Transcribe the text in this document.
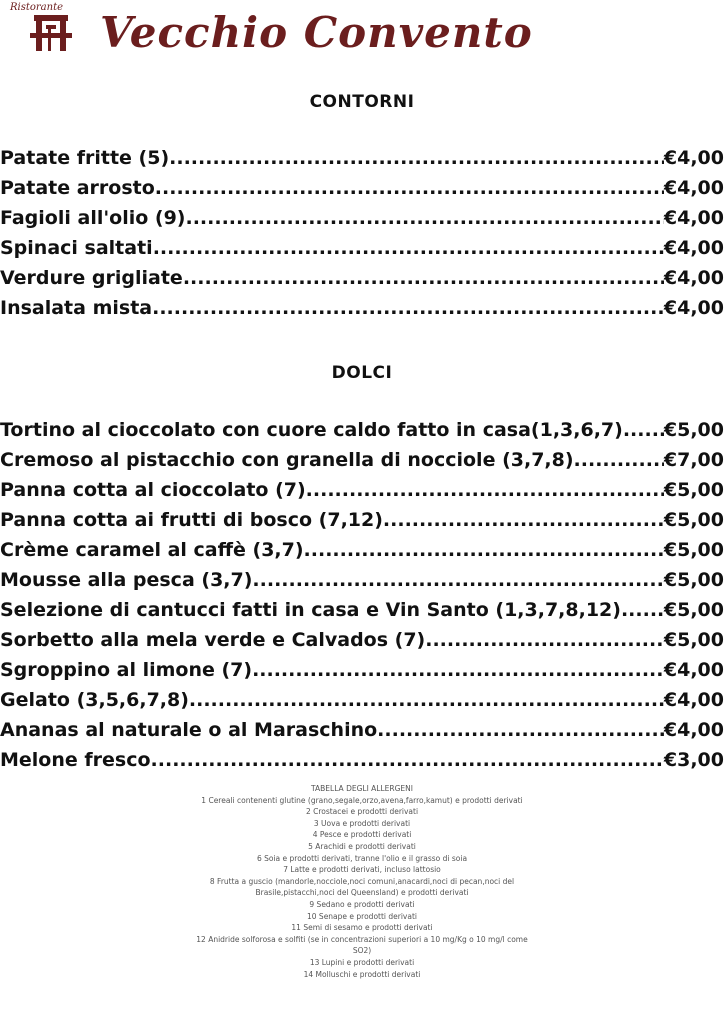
Ristorante
Vecchio Convento
CONTORNI
Patate fritte (5) .....	€4,00
Patate arrosto .....	€4,00
Fagioli all'olio (9) .....	€4,00
Spinaci saltati .....	€4,00
Verdure grigliate .....	€4,00
Insalata mista .....	€4,00
DOLCI
Tortino al cioccolato con cuore caldo fatto in casa(1,3,6,7) ..... €5,00
Cremoso al pistacchio con granella di nocciole (3,7,8) .....	€7,00
Panna cotta al cioccolato (7) .....	€5,00
Panna cotta ai frutti di bosco (7,12) .....	€5,00
Crème caramel al caffè (3,7) .....	€5,00
Mousse alla pesca (3,7) .....	€5,00
Selezione di cantucci fatti in casa e Vin Santo (1,3,7,8,12) ..... €5,00
Sorbetto alla mela verde e Calvados (7) .....	€5,00
Sgroppino al limone (7) .....	€4,00
Gelato (3,5,6,7,8) .....	€4,00
Ananas al naturale o al Maraschino .....	€4,00
Melone fresco .....	€3,00
TABELLA DEGLI ALLERGENI
1 Cereali contenenti glutine (grano,segale,orzo,avena,farro,kamut) e prodotti derivati
2 Crostacei e prodotti derivati
3 Uova e prodotti derivati
4 Pesce e prodotti derivati
5 Arachidi e prodotti derivati
6 Soia e prodotti derivati, tranne l'olio e il grasso di soia
7 Latte e prodotti derivati, incluso lattosio
8 Frutta a guscio (mandorle,nocciole,noci comuni,anacardi,noci di pecan,noci del Brasile,pistacchi,noci del Queensland) e prodotti derivati
9 Sedano e prodotti derivati
10 Senape e prodotti derivati
11 Semi di sesamo e prodotti derivati
12 Anidride solforosa e solfiti (se in concentrazioni superiori a 10 mg/Kg o 10 mg/l come SO2)
13 Lupini e prodotti derivati
14 Molluschi e prodotti derivati
